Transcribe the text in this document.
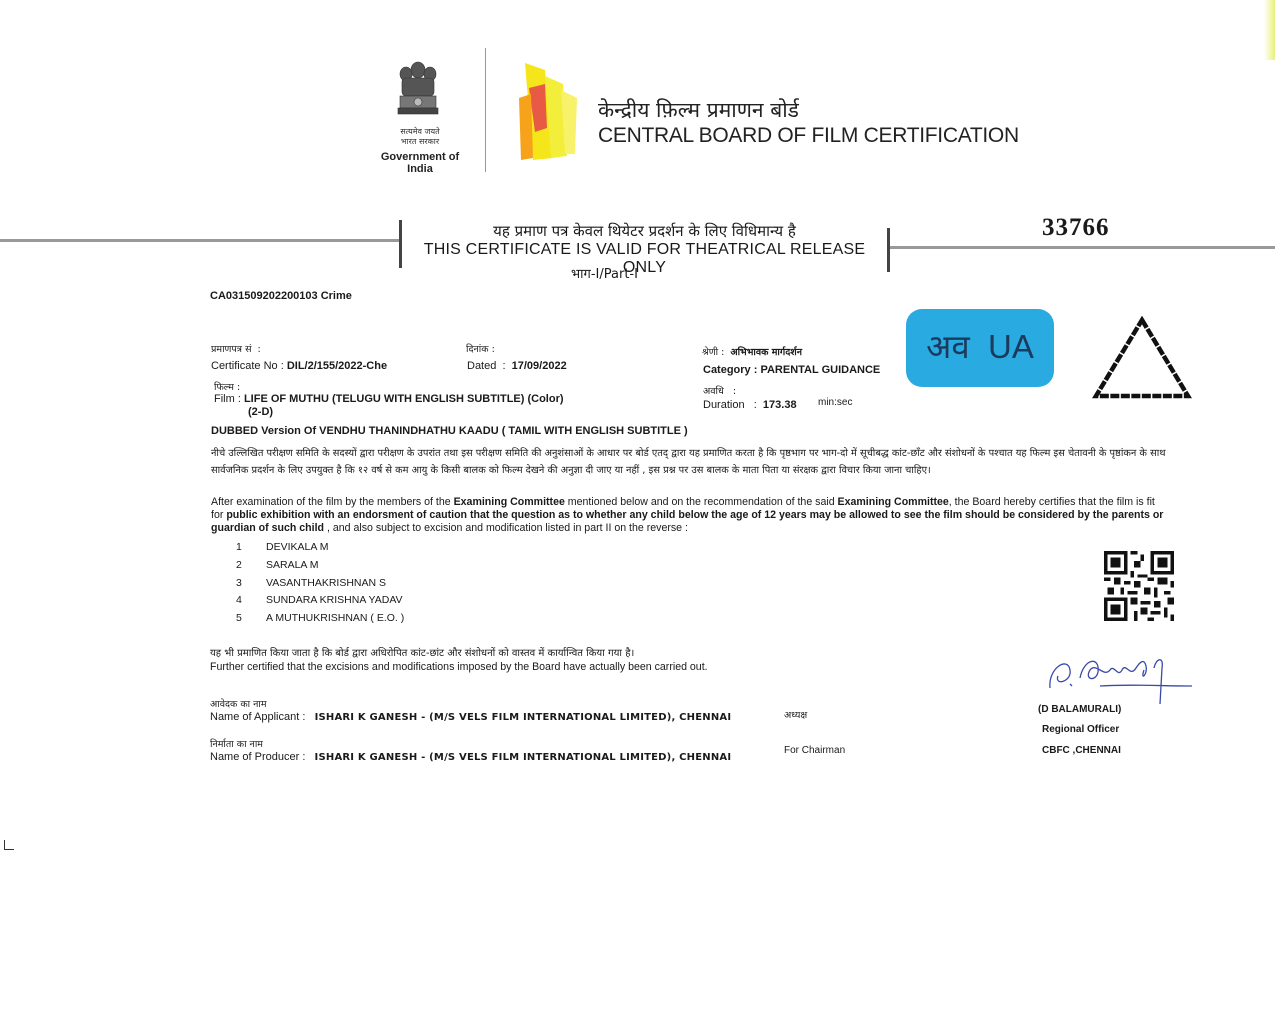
सत्यमेव जयते
भारत सरकार
Government of India
केन्द्रीय फ़िल्म प्रमाणन बोर्ड
CENTRAL BOARD OF FILM CERTIFICATION
यह प्रमाण पत्र केवल थियेटर प्रदर्शन के लिए विधिमान्य है
THIS CERTIFICATE IS VALID FOR THEATRICAL RELEASE ONLY
भाग-I/Part-I
33766
CA031509202200103 Crime
प्रमाणपत्र सं  :
Certificate No : DIL/2/155/2022-Che
दिनांक :
Dated  :  17/09/2022
श्रेणी :  अभिभावक मार्गदर्शन
Category : PARENTAL GUIDANCE
फिल्म :
Film : LIFE OF MUTHU (TELUGU WITH ENGLISH SUBTITLE) (Color)
(2-D)
अवधि   :
Duration   :  173.38 min:sec
अव UA
DUBBED Version Of VENDHU THANINDHATHU KAADU ( TAMIL WITH ENGLISH SUBTITLE )
नीचे उल्लिखित परीक्षण समिति के सदस्यों द्वारा परीक्षण के उपरांत तथा इस परीक्षण समिति की अनुशंसाओं के आधार पर बोर्ड एतद् द्वारा यह प्रमाणित करता है कि पृष्ठभाग पर भाग-दो में सूचीबद्ध कांट-छाँट और संशोधनों के पश्चात यह फिल्म इस चेतावनी के पृष्ठांकन के साथ सार्वजनिक प्रदर्शन के लिए उपयुक्त है कि १२ वर्ष से कम आयु के किसी बालक को फिल्म देखने की अनुज्ञा दी जाए या नहीं , इस प्रश्न पर उस बालक के माता पिता या संरक्षक द्वारा विचार किया जाना चाहिए।
After examination of the film by the members of the Examining Committee mentioned below and on the recommendation of the said Examining Committee, the Board hereby certifies that the film is fit for public exhibition with an endorsment of caution that the question as to whether any child below the age of 12 years may be allowed to see the film should be considered by the parents or guardian of such child , and also subject to excision and modification listed in part II on the reverse :
1 DEVIKALA M
2 SARALA M
3 VASANTHAKRISHNAN S
4 SUNDARA KRISHNA YADAV
5 A MUTHUKRISHNAN ( E.O. )
यह भी प्रमाणित किया जाता है कि बोर्ड द्वारा अधिरोपित कांट-छांट और संशोधनों को वास्तव में कार्यान्वित किया गया है।
Further certified that the excisions and modifications imposed by the Board have actually been carried out.
आवेदक का नाम
Name of Applicant :   ISHARI K GANESH - (M/S VELS FILM INTERNATIONAL LIMITED), CHENNAI
निर्माता का नाम
Name of Producer :   ISHARI K GANESH - (M/S VELS FILM INTERNATIONAL LIMITED), CHENNAI
अध्यक्ष
For Chairman
(D BALAMURALI)
Regional Officer
CBFC ,CHENNAI
